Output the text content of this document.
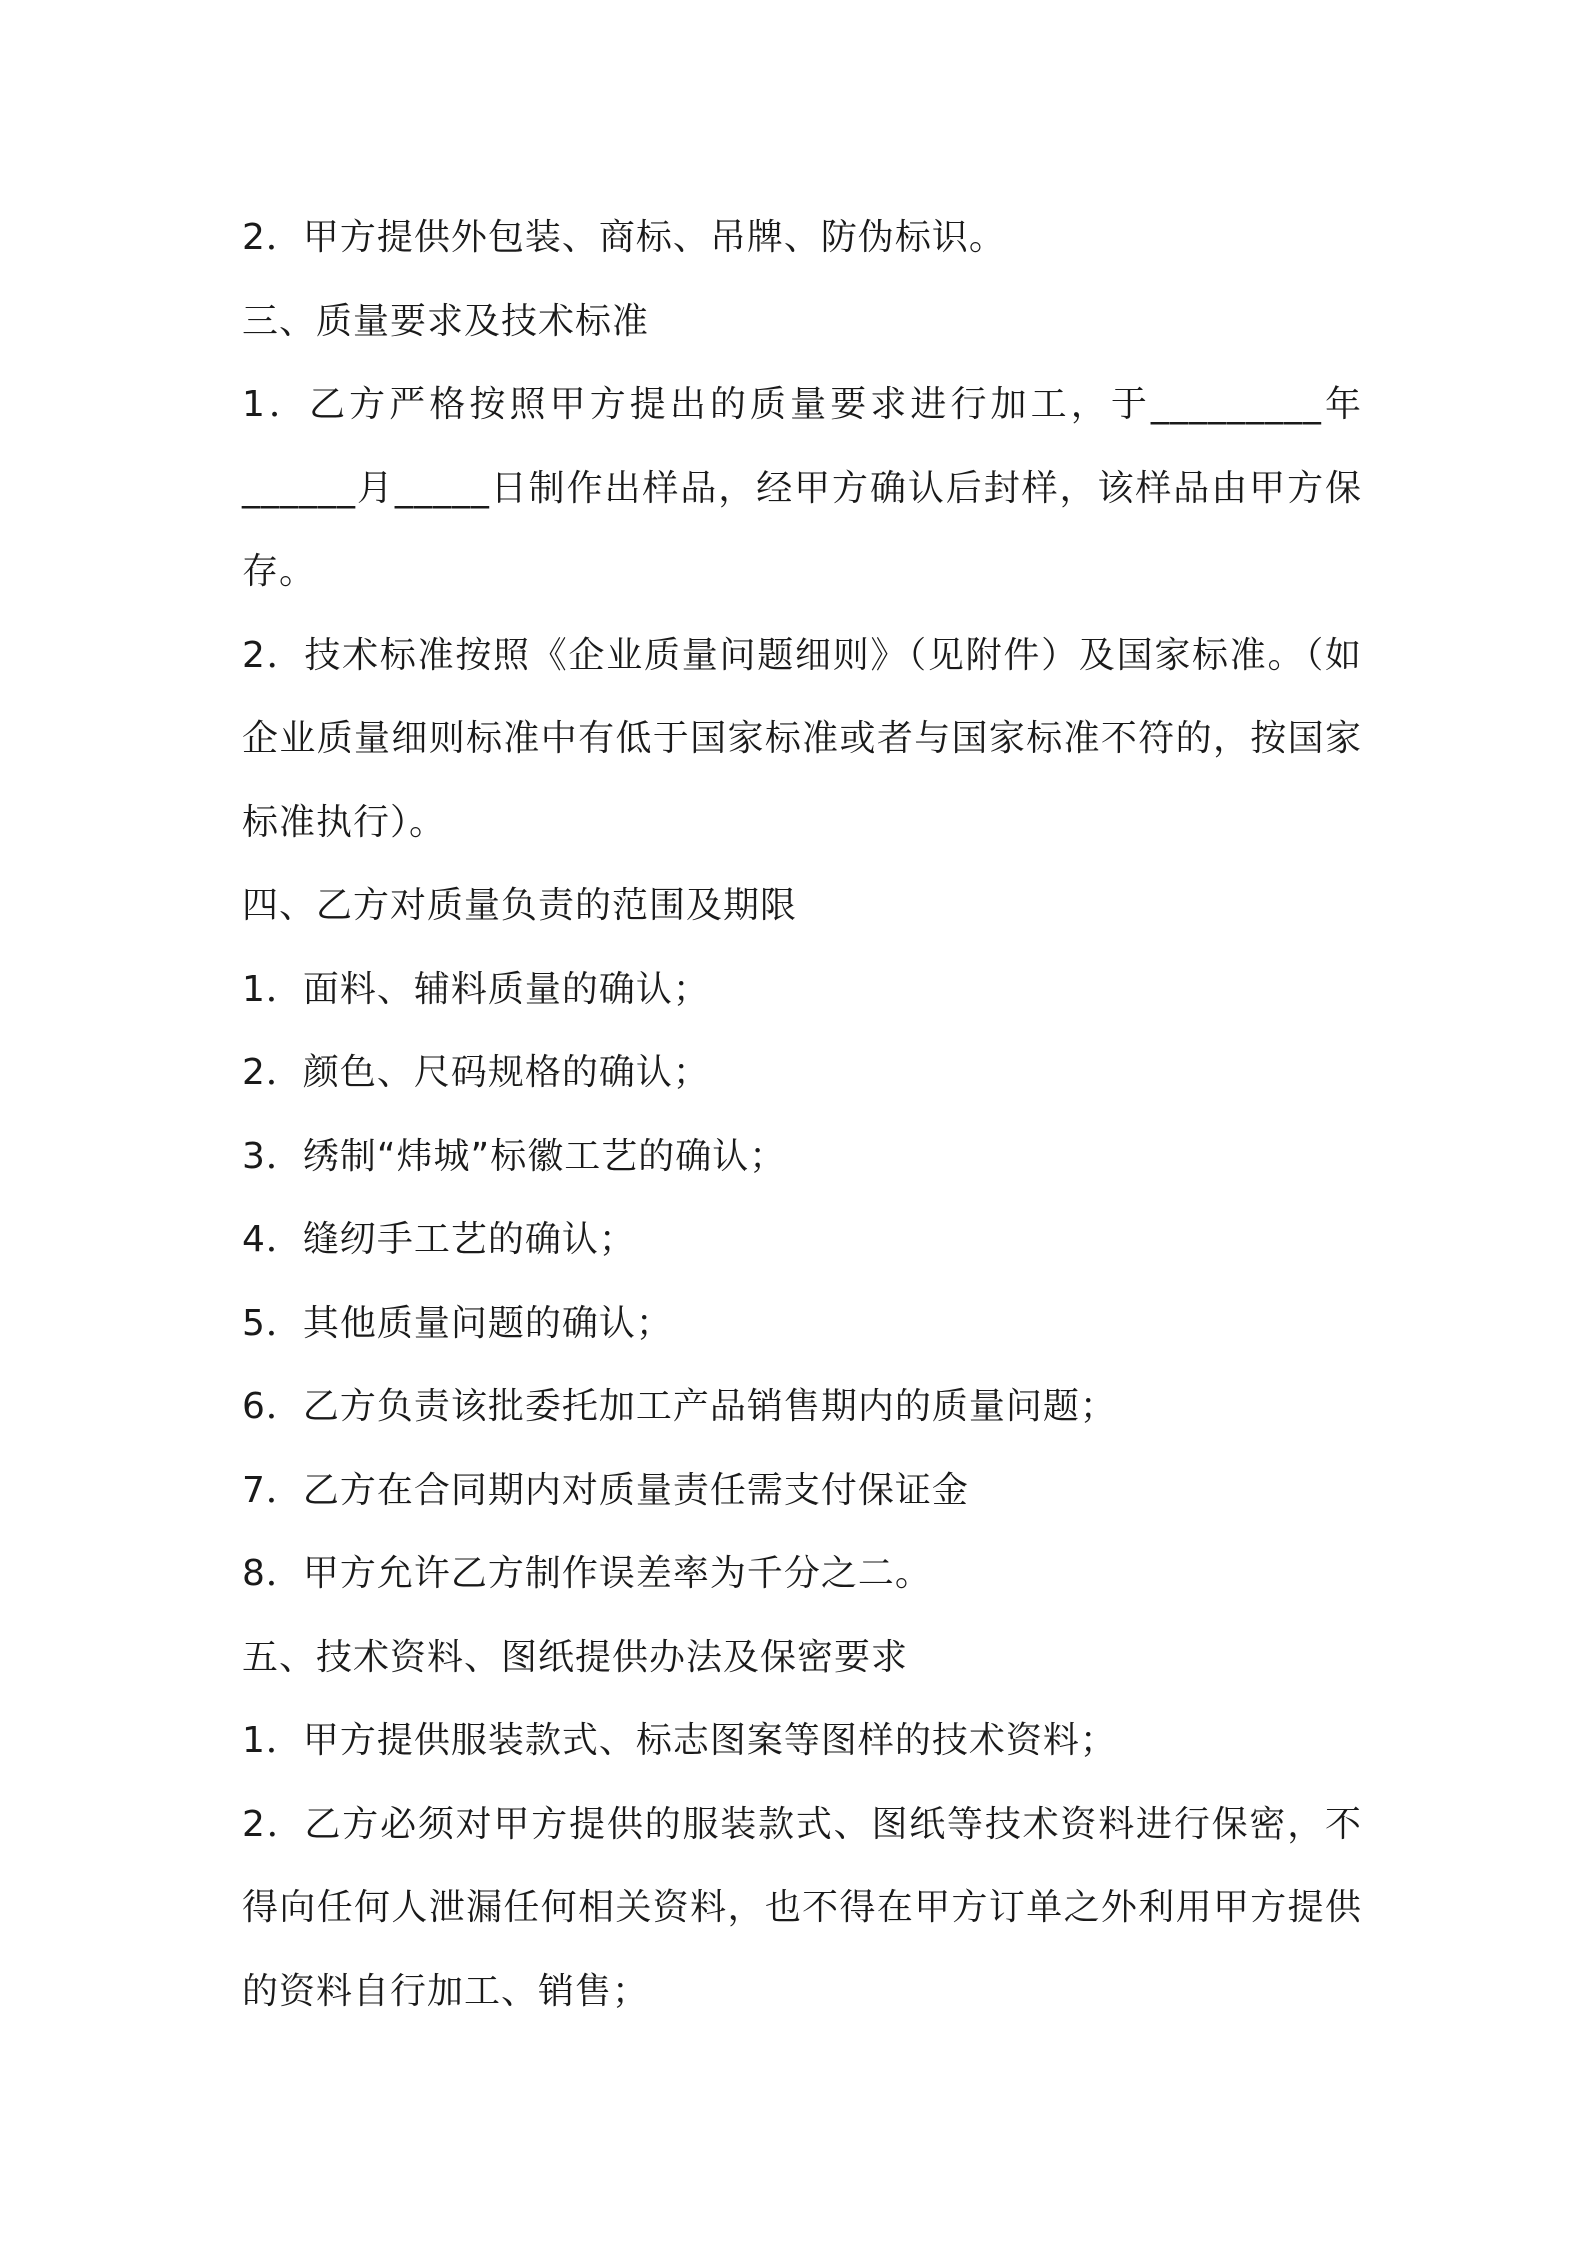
2．甲方提供外包装、商标、吊牌、防伪标识。

三、质量要求及技术标准

1．乙方严格按照甲方提出的质量要求进行加工，于_________年______月_____日制作出样品，经甲方确认后封样，该样品由甲方保存。

2．技术标准按照《企业质量问题细则》（见附件）及国家标准。（如企业质量细则标准中有低于国家标准或者与国家标准不符的，按国家标准执行）。

四、乙方对质量负责的范围及期限

1．面料、辅料质量的确认；

2．颜色、尺码规格的确认；

3．绣制“炜城”标徽工艺的确认；

4．缝纫手工艺的确认；

5．其他质量问题的确认；

6．乙方负责该批委托加工产品销售期内的质量问题；

7．乙方在合同期内对质量责任需支付保证金

8．甲方允许乙方制作误差率为千分之二。

五、技术资料、图纸提供办法及保密要求

1．甲方提供服装款式、标志图案等图样的技术资料；

2．乙方必须对甲方提供的服装款式、图纸等技术资料进行保密，不得向任何人泄漏任何相关资料，也不得在甲方订单之外利用甲方提供的资料自行加工、销售；
